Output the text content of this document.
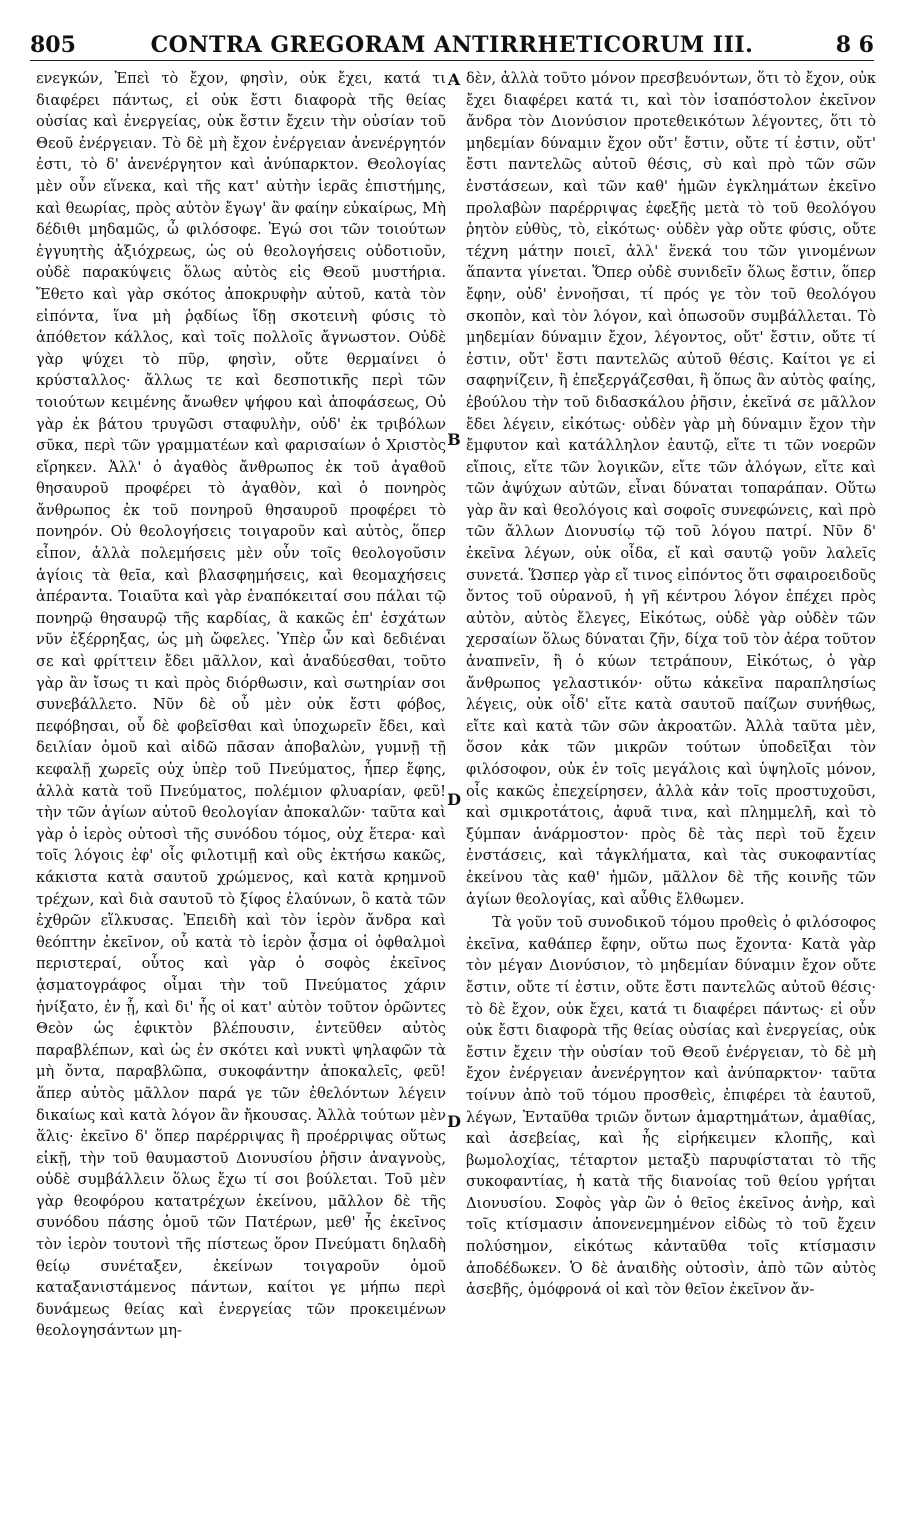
805	CONTRA GREGORAM ANTIRRHETICORUM III.	8 6

ενεγκών, Ἐπεὶ τὸ ἔχον, φησὶν, οὐκ ἔχει, κατά τι διαφέρει πάντως, εἰ οὐκ ἔστι διαφορὰ τῆς θείας οὐσίας καὶ ἐνεργείας, οὐκ ἔστιν ἔχειν τὴν οὐσίαν τοῦ Θεοῦ ἐνέργειαν. Τὸ δὲ μὴ ἔχον ἐνέργειαν ἀνενέργητόν ἐστι, τὸ δ' ἀνενέργητον καὶ ἀνύπαρκτον. Θεολογίας μὲν οὖν εἵνεκα, καὶ τῆς κατ' αὐτὴν ἱερᾶς ἐπιστήμης, καὶ θεωρίας, πρὸς αὐτὸν ἔγωγ' ἂν φαίην εὐκαίρως, Μὴ δέδιθι μηδαμῶς, ὦ φιλόσοφε. Ἐγώ σοι τῶν τοιούτων ἐγγυητὴς ἀξιόχρεως, ὡς οὐ θεολογήσεις οὐδοτιοῦν, οὐδὲ παρακύψεις ὅλως αὐτὸς εἰς Θεοῦ μυστήρια. Ἔθετο καὶ γὰρ σκότος ἀποκρυφὴν αὐτοῦ, κατὰ τὸν εἰπόντα, ἵνα μὴ ῥᾳδίως ἴδῃ σκοτεινὴ φύσις τὸ ἀπόθετον κάλλος, καὶ τοῖς πολλοῖς ἄγνωστον. Οὐδὲ γὰρ ψύχει τὸ πῦρ, φησὶν, οὔτε θερμαίνει ὁ κρύσταλλος· ἄλλως τε καὶ δεσποτικῆς περὶ τῶν τοιούτων κειμένης ἄνωθεν ψήφου καὶ ἀποφάσεως, Οὐ γὰρ ἐκ βάτου τρυγῶσι σταφυλὴν, οὐδ' ἐκ τριβόλων σῦκα, περὶ τῶν γραμματέων καὶ φαρισαίων ὁ Χριστὸς εἴρηκεν. Ἀλλ' ὁ ἀγαθὸς ἄνθρωπος ἐκ τοῦ ἀγαθοῦ θησαυροῦ προφέρει τὸ ἀγαθὸν, καὶ ὁ πονηρὸς ἄνθρωπος ἐκ τοῦ πονηροῦ θησαυροῦ προφέρει τὸ πονηρόν. Οὐ θεολογήσεις τοιγαροῦν καὶ αὐτὸς, ὅπερ εἶπον, ἀλλὰ πολεμήσεις μὲν οὖν τοῖς θεολογοῦσιν ἁγίοις τὰ θεῖα, καὶ βλασφημήσεις, καὶ θεομαχήσεις ἀπέραντα. Τοιαῦτα καὶ γὰρ ἐναπόκειταί σου πάλαι τῷ πονηρῷ θησαυρῷ τῆς καρδίας, ἃ κακῶς ἐπ' ἐσχάτων νῦν ἐξέρρηξας, ὡς μὴ ὤφελες. Ὑπὲρ ὧν καὶ δεδιέναι σε καὶ φρίττειν ἔδει μᾶλλον, καὶ ἀναδύεσθαι, τοῦτο γὰρ ἂν ἴσως τι καὶ πρὸς διόρθωσιν, καὶ σωτηρίαν σοι συνεβάλλετο. Νῦν δὲ οὗ μὲν οὐκ ἔστι φόβος, πεφόβησαι, οὗ δὲ φοβεῖσθαι καὶ ὑποχωρεῖν ἔδει, καὶ δειλίαν ὁμοῦ καὶ αἰδῶ πᾶσαν ἀποβαλὼν, γυμνῇ τῇ κεφαλῇ χωρεῖς οὐχ ὑπὲρ τοῦ Πνεύματος, ἧπερ ἔφης, ἀλλὰ κατὰ τοῦ Πνεύματος, πολέμιον φλυαρίαν, φεῦ! τὴν τῶν ἁγίων αὐτοῦ θεολογίαν ἀποκαλῶν· ταῦτα καὶ γὰρ ὁ ἱερὸς οὑτοσὶ τῆς συνόδου τόμος, οὐχ ἕτερα· καὶ τοῖς λόγοις ἐφ' οἷς φιλοτιμῇ καὶ οὓς ἐκτήσω κακῶς, κάκιστα κατὰ σαυτοῦ χρώμενος, καὶ κατὰ κρημνοῦ τρέχων, καὶ διὰ σαυτοῦ τὸ ξίφος ἐλαύνων, ὃ κατὰ τῶν ἐχθρῶν εἵλκυσας. Ἐπειδὴ καὶ τὸν ἱερὸν ἄνδρα καὶ θεόπτην ἐκεῖνον, οὗ κατὰ τὸ ἱερὸν ᾆσμα οἱ ὀφθαλμοὶ περιστεραί, οὗτος καὶ γὰρ ὁ σοφὸς ἐκεῖνος ᾀσματογράφος οἶμαι τὴν τοῦ Πνεύματος χάριν ἠνίξατο, ἐν ᾗ, καὶ δι' ἧς οἱ κατ' αὐτὸν τοῦτον ὁρῶντες Θεὸν ὡς ἐφικτὸν βλέπουσιν, ἐντεῦθεν αὐτὸς παραβλέπων, καὶ ὡς ἐν σκότει καὶ νυκτὶ ψηλαφῶν τὰ μὴ ὄντα, παραβλῶπα, συκοφάντην ἀποκαλεῖς, φεῦ! ἅπερ αὐτὸς μᾶλλον παρά γε τῶν ἐθελόντων λέγειν δικαίως καὶ κατὰ λόγον ἂν ἤκουσας. Ἀλλὰ τούτων μὲν ἅλις· ἐκεῖνο δ' ὅπερ παρέρριψας ἢ προέρριψας οὕτως εἰκῇ, τὴν τοῦ θαυμαστοῦ Διονυσίου ῥῆσιν ἀναγνοὺς, οὐδὲ συμβάλλειν ὅλως ἔχω τί σοι βούλεται. Τοῦ μὲν γὰρ θεοφόρου κατατρέχων ἐκείνου, μᾶλλον δὲ τῆς συνόδου πάσης ὁμοῦ τῶν Πατέρων, μεθ' ἧς ἐκεῖνος τὸν ἱερὸν τουτονὶ τῆς πίστεως ὅρον Πνεύματι δηλαδὴ θείῳ συνέταξεν, ἐκείνων τοιγαροῦν ὁμοῦ καταξανιστάμενος πάντων, καίτοι γε μήπω περὶ δυνάμεως θείας καὶ ἐνεργείας τῶν προκειμένων θεολογησάντων μη-

A
B
D
D

δὲν, ἀλλὰ τοῦτο μόνον πρεσβευόντων, ὅτι τὸ ἔχον, οὐκ ἔχει διαφέρει κατά τι, καὶ τὸν ἰσαπόστολον ἐκεῖνον ἄνδρα τὸν Διονύσιον προτεθεικότων λέγοντες, ὅτι τὸ μηδεμίαν δύναμιν ἔχον οὔτ' ἔστιν, οὔτε τί ἐστιν, οὔτ' ἔστι παντελῶς αὐτοῦ θέσις, σὺ καὶ πρὸ τῶν σῶν ἐνστάσεων, καὶ τῶν καθ' ἡμῶν ἐγκλημάτων ἐκεῖνο προλαβὼν παρέρριψας ἐφεξῆς μετὰ τὸ τοῦ θεολόγου ῥητὸν εὐθὺς, τὸ, εἰκότως· οὐδὲν γὰρ οὔτε φύσις, οὔτε τέχνη μάτην ποιεῖ, ἀλλ' ἕνεκά του τῶν γινομένων ἅπαντα γίνεται. Ὅπερ οὐδὲ συνιδεῖν ὅλως ἔστιν, ὅπερ ἔφην, οὐδ' ἐννοῆσαι, τί πρός γε τὸν τοῦ θεολόγου σκοπὸν, καὶ τὸν λόγον, καὶ ὁπωσοῦν συμβάλλεται. Τὸ μηδεμίαν δύναμιν ἔχον, λέγοντος, οὔτ' ἔστιν, οὔτε τί ἐστιν, οὔτ' ἔστι παντελῶς αὐτοῦ θέσις. Καίτοι γε εἰ σαφηνίζειν, ἢ ἐπεξεργάζεσθαι, ἢ ὅπως ἂν αὐτὸς φαίης, ἐβούλου τὴν τοῦ διδασκάλου ῥῆσιν, ἐκεῖνά σε μᾶλλον ἔδει λέγειν, εἰκότως· οὐδὲν γὰρ μὴ δύναμιν ἔχον τὴν ἔμφυτον καὶ κατάλληλον ἑαυτῷ, εἴτε τι τῶν νοερῶν εἴποις, εἴτε τῶν λογικῶν, εἴτε τῶν ἀλόγων, εἴτε καὶ τῶν ἀψύχων αὐτῶν, εἶναι δύναται τοπαράπαν. Οὕτω γὰρ ἂν καὶ θεολόγοις καὶ σοφοῖς συνεφώνεις, καὶ πρὸ τῶν ἄλλων Διονυσίῳ τῷ τοῦ λόγου πατρί. Νῦν δ' ἐκεῖνα λέγων, οὐκ οἶδα, εἴ καὶ σαυτῷ γοῦν λαλεῖς συνετά. Ὥσπερ γὰρ εἴ τινος εἰπόντος ὅτι σφαιροειδοῦς ὄντος τοῦ οὐρανοῦ, ἡ γῆ κέντρου λόγον ἐπέχει πρὸς αὐτὸν, αὐτὸς ἔλεγες, Εἰκότως, οὐδὲ γὰρ οὐδὲν τῶν χερσαίων ὅλως δύναται ζῆν, δίχα τοῦ τὸν ἀέρα τοῦτον ἀναπνεῖν, ἢ ὁ κύων τετράπουν, Εἰκότως, ὁ γὰρ ἄνθρωπος γελαστικόν· οὕτω κἀκεῖνα παραπλησίως λέγεις, οὐκ οἶδ' εἴτε κατὰ σαυτοῦ παίζων συνήθως, εἴτε καὶ κατὰ τῶν σῶν ἀκροατῶν. Ἀλλὰ ταῦτα μὲν, ὅσον κἀκ τῶν μικρῶν τούτων ὑποδεῖξαι τὸν φιλόσοφον, οὐκ ἐν τοῖς μεγάλοις καὶ ὑψηλοῖς μόνον, οἷς κακῶς ἐπεχείρησεν, ἀλλὰ κἀν τοῖς προστυχοῦσι, καὶ σμικροτάτοις, ἀφυᾶ τινα, καὶ πλημμελῆ, καὶ τὸ ξύμπαν ἀνάρμοστον· πρὸς δὲ τὰς περὶ τοῦ ἔχειν ἐνστάσεις, καὶ τἀγκλήματα, καὶ τὰς συκοφαντίας ἐκείνου τὰς καθ' ἡμῶν, μᾶλλον δὲ τῆς κοινῆς τῶν ἁγίων θεολογίας, καὶ αὖθις ἔλθωμεν.

Τὰ γοῦν τοῦ συνοδικοῦ τόμου προθεὶς ὁ φιλόσοφος ἐκεῖνα, καθάπερ ἔφην, οὕτω πως ἔχοντα· Κατὰ γὰρ τὸν μέγαν Διονύσιον, τὸ μηδεμίαν δύναμιν ἔχον οὔτε ἔστιν, οὔτε τί ἐστιν, οὔτε ἔστι παντελῶς αὐτοῦ θέσις· τὸ δὲ ἔχον, οὐκ ἔχει, κατά τι διαφέρει πάντως· εἰ οὖν οὐκ ἔστι διαφορὰ τῆς θείας οὐσίας καὶ ἐνεργείας, οὐκ ἔστιν ἔχειν τὴν οὐσίαν τοῦ Θεοῦ ἐνέργειαν, τὸ δὲ μὴ ἔχον ἐνέργειαν ἀνενέργητον καὶ ἀνύπαρκτον· ταῦτα τοίνυν ἀπὸ τοῦ τόμου προσθεὶς, ἐπιφέρει τὰ ἑαυτοῦ, λέγων, Ἐνταῦθα τριῶν ὄντων ἁμαρτημάτων, ἀμαθίας, καὶ ἀσεβείας, καὶ ἧς εἰρήκειμεν κλοπῆς, καὶ βωμολοχίας, τέταρτον μεταξὺ παρυφίσταται τὸ τῆς συκοφαντίας, ἡ κατὰ τῆς διανοίας τοῦ θείου γρήται Διονυσίου. Σοφὸς γὰρ ὢν ὁ θεῖος ἐκεῖνος ἀνὴρ, καὶ τοῖς κτίσμασιν ἀπονενεμημένον εἰδὼς τὸ τοῦ ἔχειν πολύσημον, εἰκότως κἀνταῦθα τοῖς κτίσμασιν ἀποδέδωκεν. Ὁ δὲ ἀναιδὴς οὑτοσὶν, ἀπὸ τῶν αὐτὸς ἀσεβῆς, ὁμόφρονά οἱ καὶ τὸν θεῖον ἐκεῖνον ἄν-
